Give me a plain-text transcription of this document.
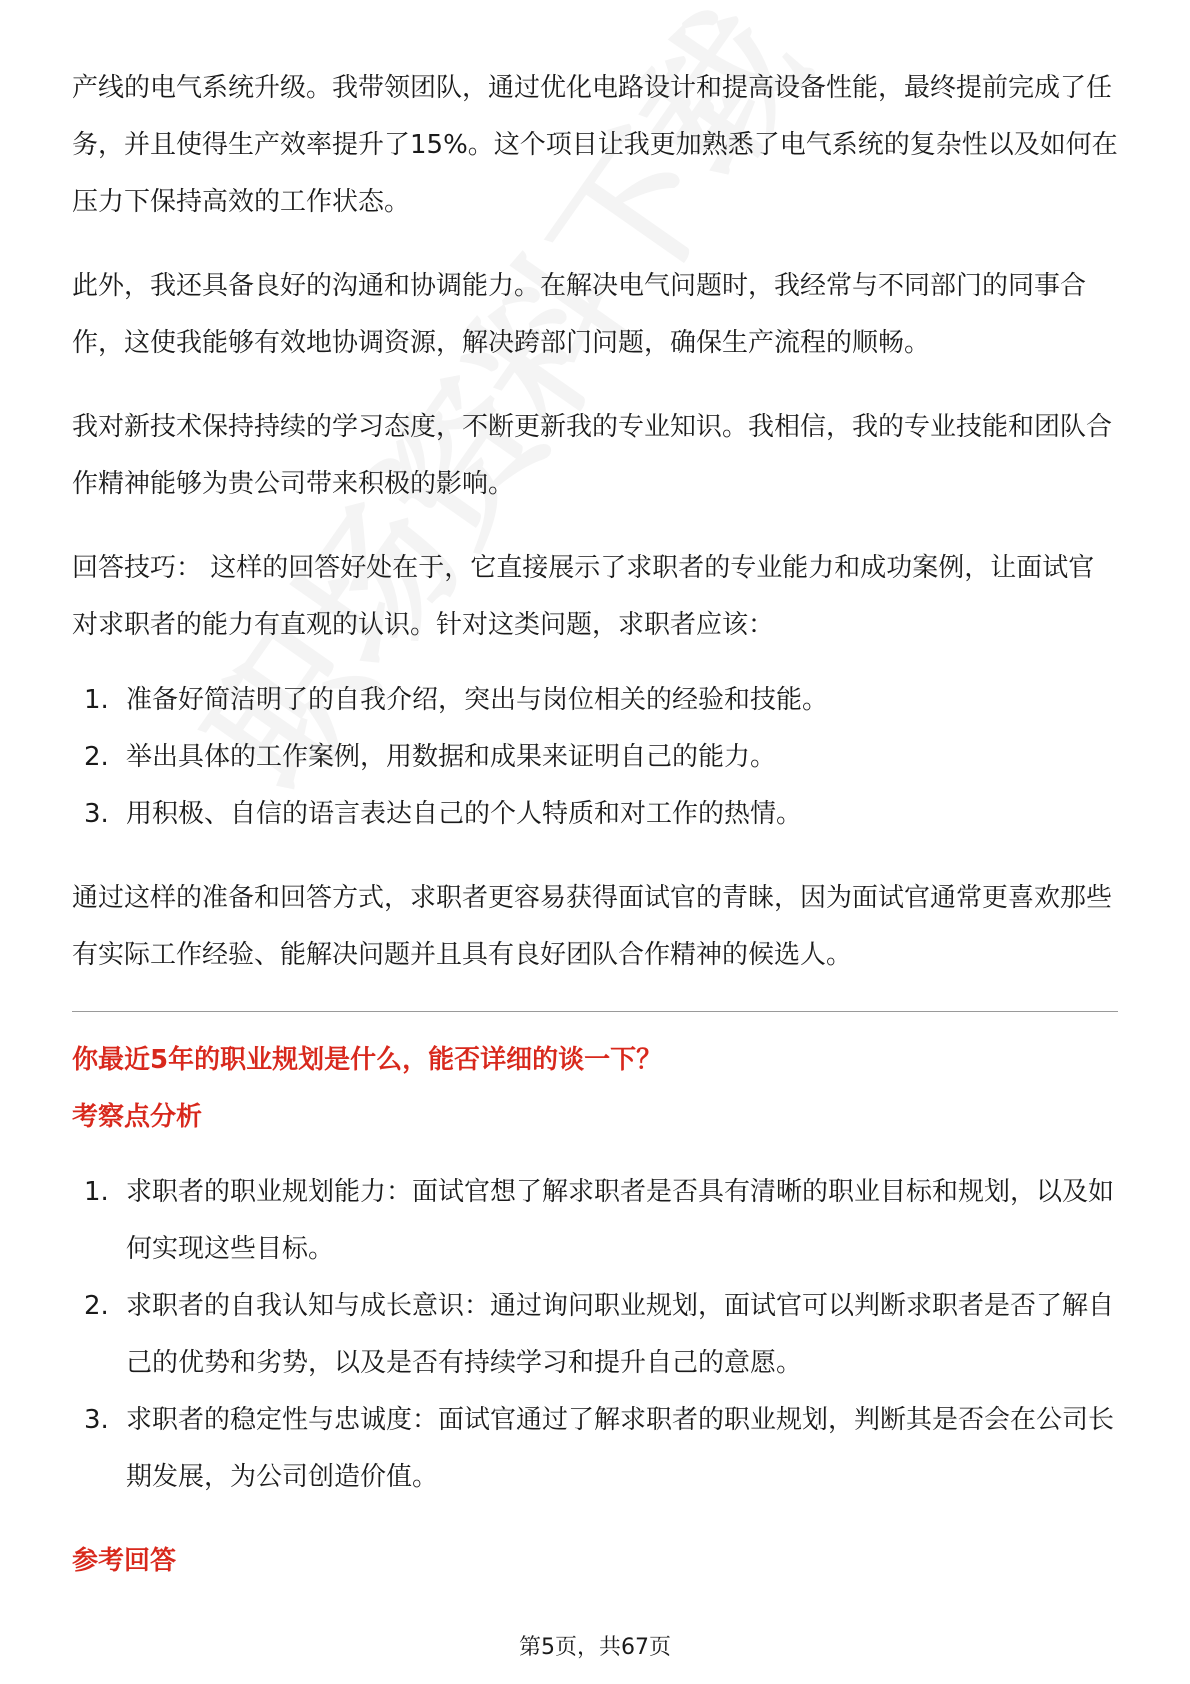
产线的电气系统升级。我带领团队，通过优化电路设计和提高设备性能，最终提前完成了任务，并且使得生产效率提升了15%。这个项目让我更加熟悉了电气系统的复杂性以及如何在压力下保持高效的工作状态。

此外，我还具备良好的沟通和协调能力。在解决电气问题时，我经常与不同部门的同事合作，这使我能够有效地协调资源，解决跨部门问题，确保生产流程的顺畅。

我对新技术保持持续的学习态度，不断更新我的专业知识。我相信，我的专业技能和团队合作精神能够为贵公司带来积极的影响。

回答技巧： 这样的回答好处在于，它直接展示了求职者的专业能力和成功案例，让面试官对求职者的能力有直观的认识。针对这类问题，求职者应该：

1. 准备好简洁明了的自我介绍，突出与岗位相关的经验和技能。
2. 举出具体的工作案例，用数据和成果来证明自己的能力。
3. 用积极、自信的语言表达自己的个人特质和对工作的热情。

通过这样的准备和回答方式，求职者更容易获得面试官的青睐，因为面试官通常更喜欢那些有实际工作经验、能解决问题并且具有良好团队合作精神的候选人。

你最近5年的职业规划是什么，能否详细的谈一下？

考察点分析

1. 求职者的职业规划能力：面试官想了解求职者是否具有清晰的职业目标和规划，以及如何实现这些目标。
2. 求职者的自我认知与成长意识：通过询问职业规划，面试官可以判断求职者是否了解自己的优势和劣势，以及是否有持续学习和提升自己的意愿。
3. 求职者的稳定性与忠诚度：面试官通过了解求职者的职业规划，判断其是否会在公司长期发展，为公司创造价值。

参考回答

第5页，共67页
